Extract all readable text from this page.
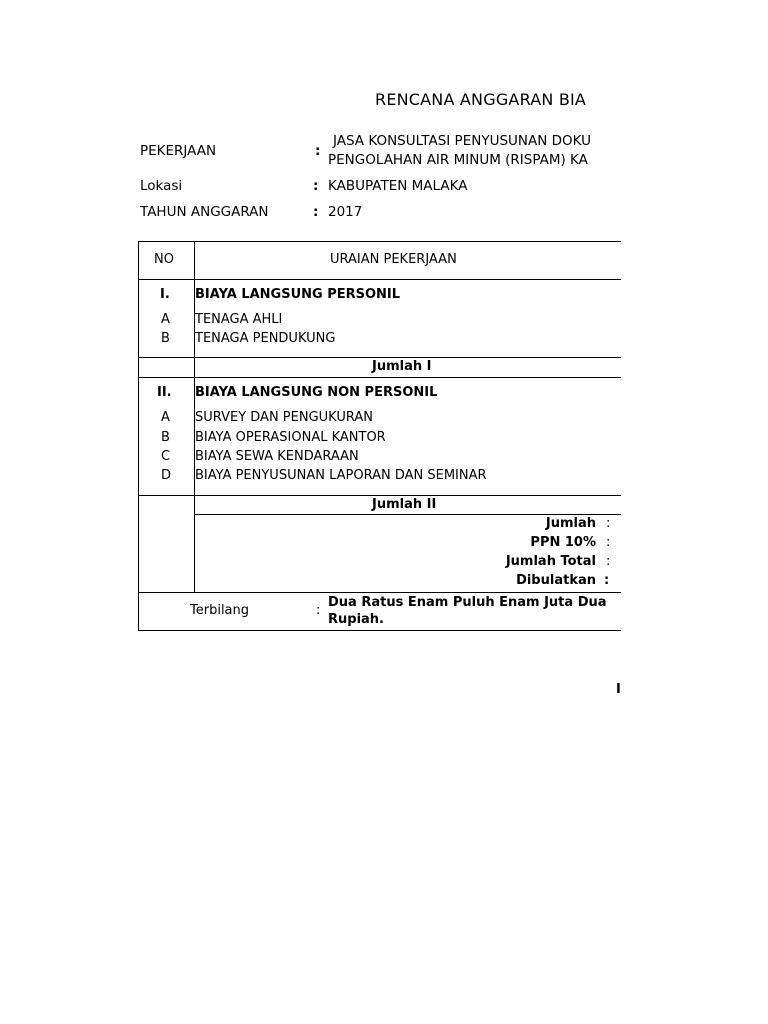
RENCANA ANGGARAN BIA
PEKERJAAN	:
JASA KONSULTASI PENYUSUNAN DOKU
PENGOLAHAN AIR MINUM (RISPAM) KA
Lokasi	: KABUPATEN MALAKA
TAHUN ANGGARAN	: 2017
NO	URAIAN PEKERJAAN
I. BIAYA LANGSUNG PERSONIL
A TENAGA AHLI
B TENAGA PENDUKUNG
Jumlah I
II. BIAYA LANGSUNG NON PERSONIL
A SURVEY DAN PENGUKURAN
B BIAYA OPERASIONAL KANTOR
C BIAYA SEWA KENDARAAN
D BIAYA PENYUSUNAN LAPORAN DAN SEMINAR
Jumlah II
Jumlah :
PPN 10% :
Jumlah Total :
Dibulatkan :
Terbilang	:
Dua Ratus Enam Puluh Enam Juta Dua
Rupiah.
I
